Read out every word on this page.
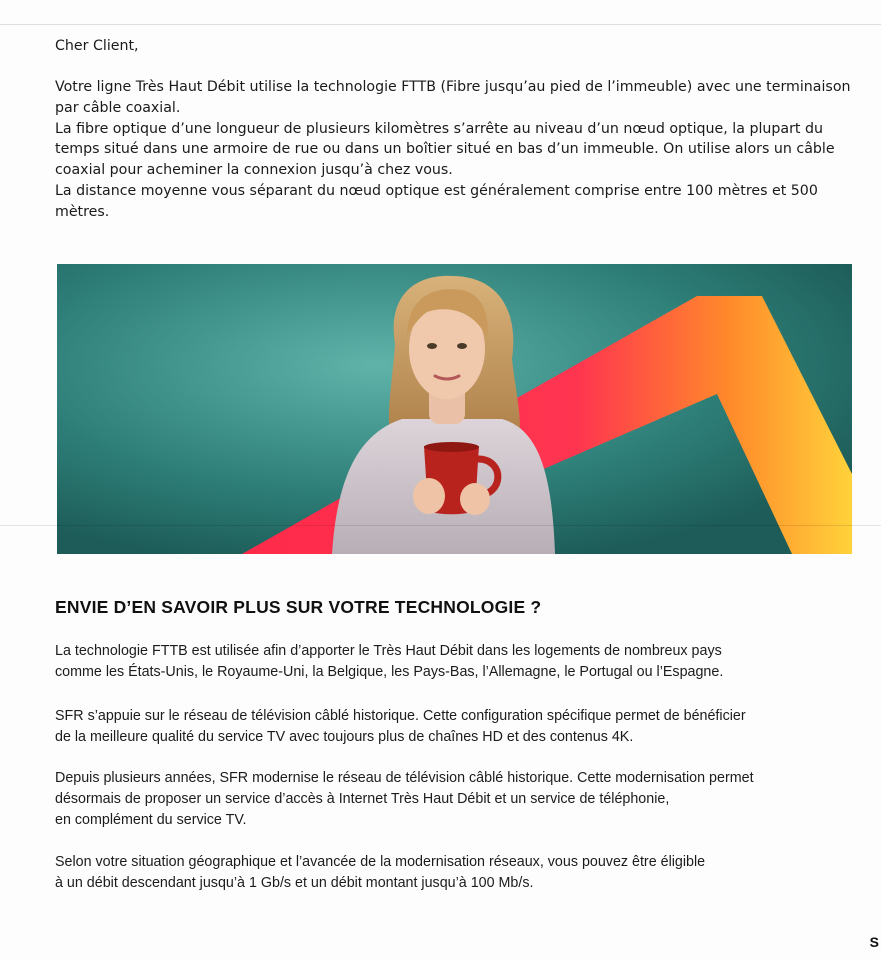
Cher Client,

Votre ligne Très Haut Débit utilise la technologie FTTB (Fibre jusqu’au pied de l’immeuble) avec une terminaison par câble coaxial.

La fibre optique d’une longueur de plusieurs kilomètres s’arrête au niveau d’un nœud optique, la plupart du temps situé dans une armoire de rue ou dans un boîtier situé en bas d’un immeuble. On utilise alors un câble coaxial pour acheminer la connexion jusqu’à chez vous.

La distance moyenne vous séparant du nœud optique est généralement comprise entre 100 mètres et 500 mètres.

ENVIE D’EN SAVOIR PLUS SUR VOTRE TECHNOLOGIE ?

La technologie FTTB est utilisée afin d’apporter le Très Haut Débit dans les logements de nombreux pays
comme les États-Unis, le Royaume-Uni, la Belgique, les Pays-Bas, l’Allemagne, le Portugal ou l’Espagne.

SFR s’appuie sur le réseau de télévision câblé historique. Cette configuration spécifique permet de bénéficier
de la meilleure qualité du service TV avec toujours plus de chaînes HD et des contenus 4K.

Depuis plusieurs années, SFR modernise le réseau de télévision câblé historique. Cette modernisation permet
désormais de proposer un service d’accès à Internet Très Haut Débit et un service de téléphonie,
en complément du service TV.

Selon votre situation géographique et l’avancée de la modernisation réseaux, vous pouvez être éligible
à un débit descendant jusqu’à 1 Gb/s et un débit montant jusqu’à 100 Mb/s.

S
